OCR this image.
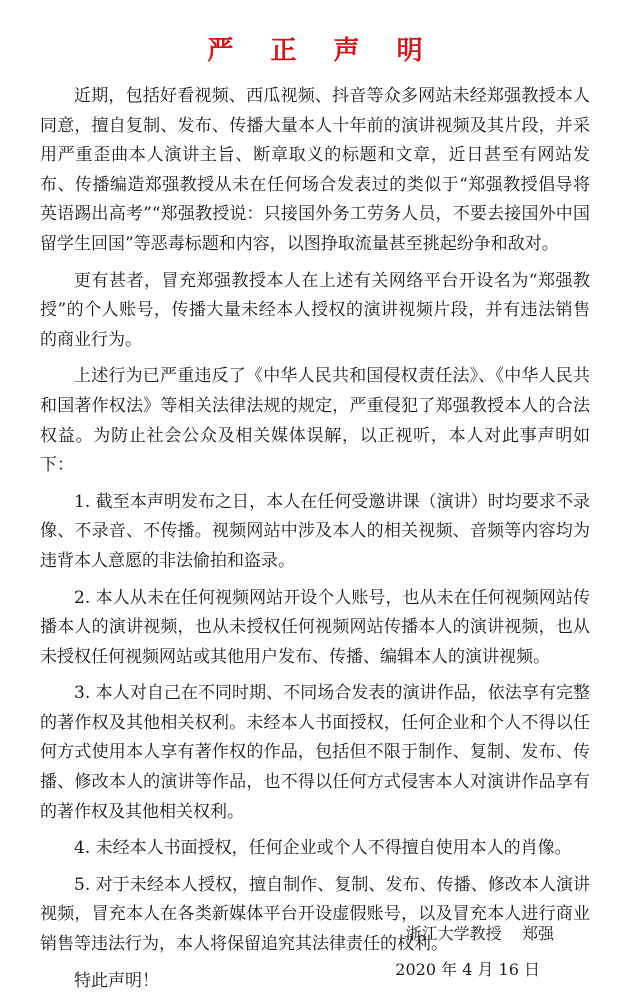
严 正 声 明

近期，包括好看视频、西瓜视频、抖音等众多网站未经郑强教授本人同意，擅自复制、发布、传播大量本人十年前的演讲视频及其片段，并采用严重歪曲本人演讲主旨、断章取义的标题和文章，近日甚至有网站发布、传播编造郑强教授从未在任何场合发表过的类似于“郑强教授倡导将英语踢出高考”“郑强教授说：只接国外务工劳务人员，不要去接国外中国留学生回国”等恶毒标题和内容，以图挣取流量甚至挑起纷争和敌对。

更有甚者，冒充郑强教授本人在上述有关网络平台开设名为“郑强教授”的个人账号，传播大量未经本人授权的演讲视频片段，并有违法销售的商业行为。

上述行为已严重违反了《中华人民共和国侵权责任法》、《中华人民共和国著作权法》等相关法律法规的规定，严重侵犯了郑强教授本人的合法权益。为防止社会公众及相关媒体误解，以正视听，本人对此事声明如下：

1. 截至本声明发布之日，本人在任何受邀讲课（演讲）时均要求不录像、不录音、不传播。视频网站中涉及本人的相关视频、音频等内容均为违背本人意愿的非法偷拍和盗录。

2. 本人从未在任何视频网站开设个人账号，也从未在任何视频网站传播本人的演讲视频，也从未授权任何视频网站传播本人的演讲视频，也从未授权任何视频网站或其他用户发布、传播、编辑本人的演讲视频。

3. 本人对自己在不同时期、不同场合发表的演讲作品，依法享有完整的著作权及其他相关权利。未经本人书面授权，任何企业和个人不得以任何方式使用本人享有著作权的作品，包括但不限于制作、复制、发布、传播、修改本人的演讲等作品，也不得以任何方式侵害本人对演讲作品享有的著作权及其他相关权利。

4. 未经本人书面授权，任何企业或个人不得擅自使用本人的肖像。

5. 对于未经本人授权，擅自制作、复制、发布、传播、修改本人演讲视频，冒充本人在各类新媒体平台开设虚假账号，以及冒充本人进行商业销售等违法行为，本人将保留追究其法律责任的权利。

特此声明！

浙江大学教授    郑强
2020 年 4 月 16 日
